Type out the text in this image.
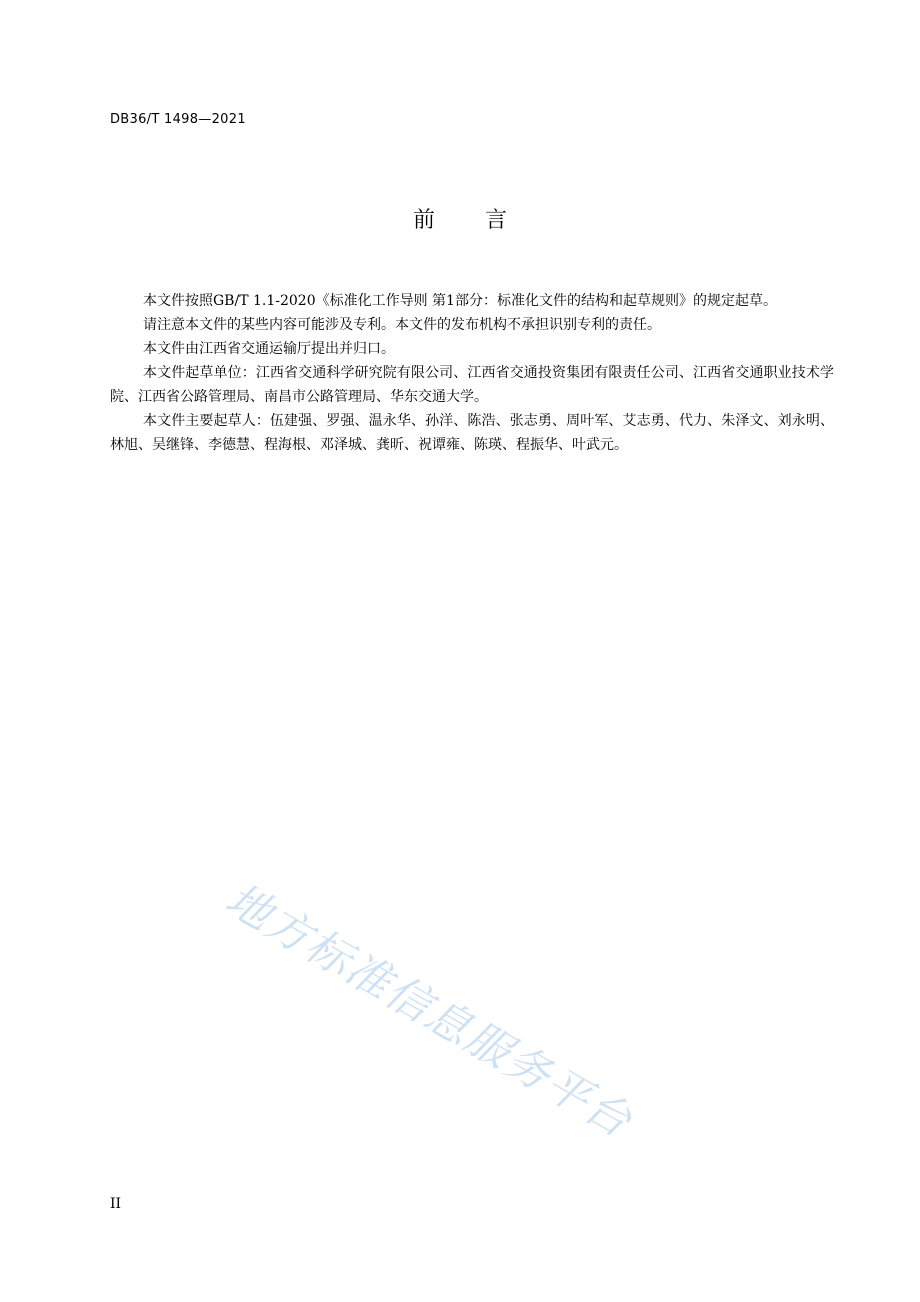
DB36/T 1498—2021
前 言

本文件按照GB/T 1.1-2020《标准化工作导则 第1部分：标准化文件的结构和起草规则》的规定起草。

请注意本文件的某些内容可能涉及专利。本文件的发布机构不承担识别专利的责任。

本文件由江西省交通运输厅提出并归口。

本文件起草单位：江西省交通科学研究院有限公司、江西省交通投资集团有限责任公司、江西省交通职业技术学院、江西省公路管理局、南昌市公路管理局、华东交通大学。

本文件主要起草人：伍建强、罗强、温永华、孙洋、陈浩、张志勇、周叶军、艾志勇、代力、朱泽文、刘永明、林旭、吴继锋、李德慧、程海根、邓泽城、龚昕、祝谭雍、陈瑛、程振华、叶武元。

地方标准信息服务平台
II
